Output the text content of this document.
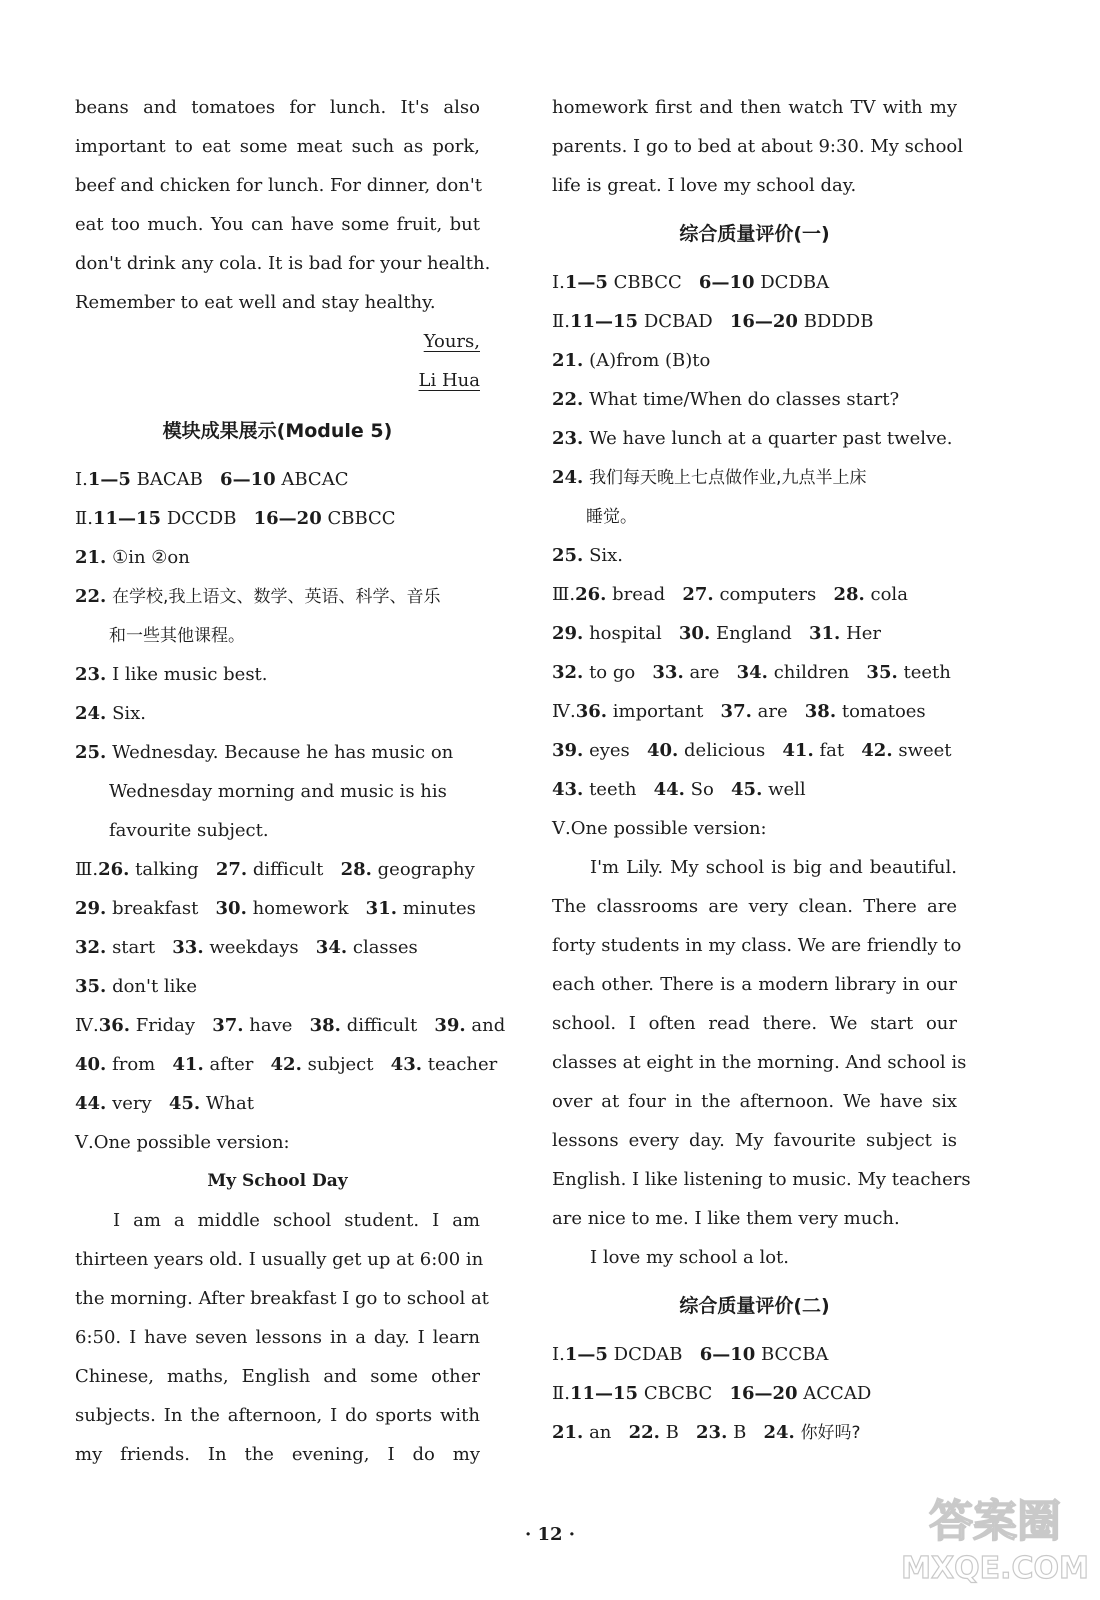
beans and tomatoes for lunch. It's also
important to eat some meat such as pork,
beef and chicken for lunch. For dinner, don't
eat too much. You can have some fruit, but
don't drink any cola. It is bad for your health.
Remember to eat well and stay healthy.
Yours,
Li Hua
模块成果展示(Module 5)
Ⅰ.1—5 BACAB 6—10 ABCAC
Ⅱ.11—15 DCCDB 16—20 CBBCC
21. ①in ②on
22. 在学校,我上语文、数学、英语、科学、音乐
和一些其他课程。
23. I like music best.
24. Six.
25. Wednesday. Because he has music on
Wednesday morning and music is his
favourite subject.
Ⅲ.26. talking 27. difficult 28. geography
29. breakfast 30. homework 31. minutes
32. start 33. weekdays 34. classes
35. don't like
Ⅳ.36. Friday 37. have 38. difficult 39. and
40. from 41. after 42. subject 43. teacher
44. very 45. What
Ⅴ.One possible version:
My School Day
I am a middle school student. I am
thirteen years old. I usually get up at 6:00 in
the morning. After breakfast I go to school at
6:50. I have seven lessons in a day. I learn
Chinese, maths, English and some other
subjects. In the afternoon, I do sports with
my friends. In the evening, I do my
homework first and then watch TV with my
parents. I go to bed at about 9:30. My school
life is great. I love my school day.
综合质量评价(一)
Ⅰ.1—5 CBBCC 6—10 DCDBA
Ⅱ.11—15 DCBAD 16—20 BDDDB
21. (A)from (B)to
22. What time/When do classes start?
23. We have lunch at a quarter past twelve.
24. 我们每天晚上七点做作业,九点半上床
睡觉。
25. Six.
Ⅲ.26. bread 27. computers 28. cola
29. hospital 30. England 31. Her
32. to go 33. are 34. children 35. teeth
Ⅳ.36. important 37. are 38. tomatoes
39. eyes 40. delicious 41. fat 42. sweet
43. teeth 44. So 45. well
Ⅴ.One possible version:
I'm Lily. My school is big and beautiful.
The classrooms are very clean. There are
forty students in my class. We are friendly to
each other. There is a modern library in our
school. I often read there. We start our
classes at eight in the morning. And school is
over at four in the afternoon. We have six
lessons every day. My favourite subject is
English. I like listening to music. My teachers
are nice to me. I like them very much.
I love my school a lot.
综合质量评价(二)
Ⅰ.1—5 DCDAB 6—10 BCCBA
Ⅱ.11—15 CBCBC 16—20 ACCAD
21. an 22. B 23. B 24. 你好吗?
· 12 ·	答案圈
MXQE.COM
